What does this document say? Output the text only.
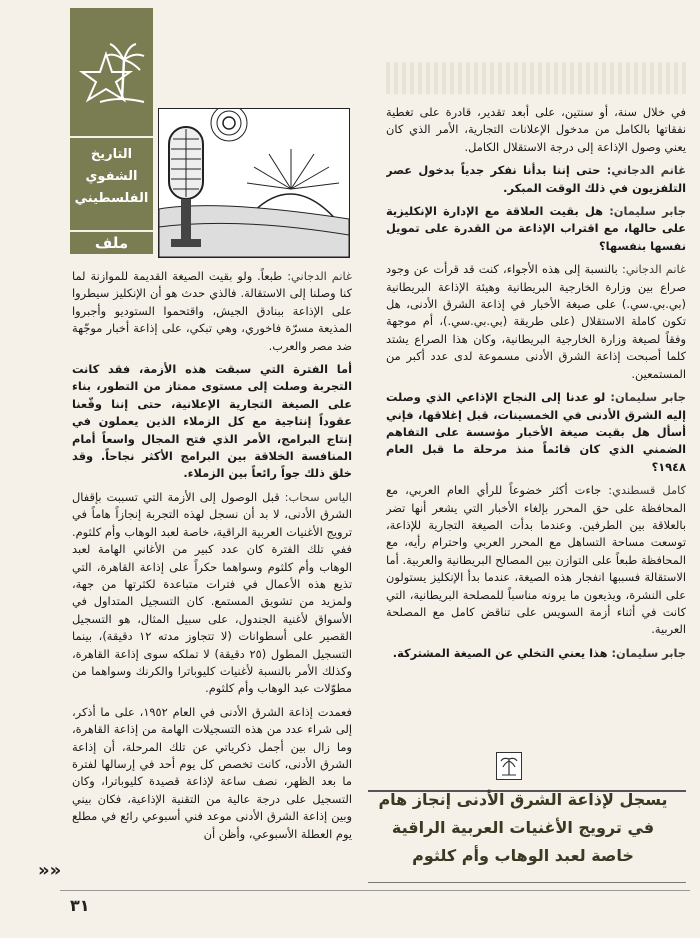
التاريخ
الشفوي
الفلسطيني
ملف

في خلال سنة، أو سنتين، على أبعد تقدير، قادرة على تغطية نفقاتها بالكامل من مدخول الإعلانات التجارية، الأمر الذي كان يعني وصول الإذاعة إلى درجة الاستقلال الكامل.

غانم الدجاني: حتى إننا بدأنا نفكر جدياً بدخول عصر التلفزيون في ذلك الوقت المبكر.

جابر سليمان: هل بقيت العلاقة مع الإدارة الإنكليزية على حالها، مع اقتراب الإذاعة من القدرة على تمويل نفسها بنفسها؟

غانم الدجاني: بالنسبة إلى هذه الأجواء، كنت قد قرأت عن وجود صراع بين وزارة الخارجية البريطانية وهيئة الإذاعة البريطانية (بي.بي.سي.) على صيغة الأخبار في إذاعة الشرق الأدنى، هل تكون كاملة الاستقلال (على طريقة (بي.بي.سي.)، أم موجهة وفقاً لصيغة وزارة الخارجية البريطانية، وكان هذا الصراع يشتد كلما أصبحت إذاعة الشرق الأدنى مسموعة لدى عدد أكبر من المستمعين.

جابر سليمان: لو عدنا إلى النجاح الإذاعي الذي وصلت إليه الشرق الأدنى في الخمسينات، قبل إغلاقها، فإني أسأل هل بقيت صيغة الأخبار مؤسسة على التفاهم الضمني الذي كان قائماً منذ مرحلة ما قبل العام ١٩٤٨؟

كامل قسطندي: جاءت أكثر خضوعاً للرأي العام العربي، مع المحافظة على حق المحرر بإلغاء الأخبار التي يشعر أنها تضر بالعلاقة بين الطرفين. وعندما بدأت الصيغة التجارية للإذاعة، توسعت مساحة التساهل مع المحرر العربي واحترام رأيه، مع المحافظة طبعاً على التوازن بين المصالح البريطانية والعربية. أما الاستقالة فسببها انفجار هذه الصيغة، عندما بدأ الإنكليز يستولون على النشرة، ويذيعون ما يرونه مناسباً للمصلحة البريطانية، التي كانت في أثناء أزمة السويس على تناقض كامل مع المصلحة العربية.

جابر سليمان: هذا يعني التخلي عن الصيغة المشتركة.

غانم الدجاني: طبعاً. ولو بقيت الصيغة القديمة للموازنة لما كنا وصلنا إلى الاستقالة. فالذي حدث هو أن الإنكليز سيطروا على الإذاعة ببنادق الجيش، واقتحموا الستوديو وأجبروا المذيعة مسرّة فاخوري، وهي تبكي، على إذاعة أخبار موجّهة ضد مصر والعرب.

أما الفترة التي سبقت هذه الأزمة، فقد كانت التجربة وصلت إلى مستوى ممتاز من التطور، بناء على الصيغة التجارية الإعلانية، حتى إننا وقّعنا عقوداً إنتاجية مع كل الزملاء الذين يعملون في إنتاج البرامج، الأمر الذي فتح المجال واسعاً أمام المنافسة الخلاقة بين البرامج الأكثر نجاحاً. وقد خلق ذلك جواً رائعاً بين الزملاء.

الياس سحاب: قبل الوصول إلى الأزمة التي تسببت بإقفال الشرق الأدنى، لا بد أن نسجل لهذه التجربة إنجازاً هاماً في ترويج الأغنيات العربية الراقية، خاصة لعبد الوهاب وأم كلثوم. ففي تلك الفترة كان عدد كبير من الأغاني الهامة لعبد الوهاب وأم كلثوم وسواهما حكراً على إذاعة القاهرة، التي تذيع هذه الأعمال في فترات متباعدة لكثرتها من جهة، ولمزيد من تشويق المستمع. كان التسجيل المتداول في الأسواق لأغنية الجندول، على سبيل المثال، هو التسجيل القصير على أسطوانات (لا تتجاوز مدته ١٢ دقيقة)، بينما التسجيل المطول (٢٥ دقيقة) لا تملكه سوى إذاعة القاهرة، وكذلك الأمر بالنسبة لأغنيات كليوباترا والكرنك وسواهما من مطوّلات عبد الوهاب وأم كلثوم.

فعمدت إذاعة الشرق الأدنى في العام ١٩٥٢، على ما أذكر، إلى شراء عدد من هذه التسجيلات الهامة من إذاعة القاهرة، وما زال بين أجمل ذكرياتي عن تلك المرحلة، أن إذاعة الشرق الأدنى، كانت تخصص كل يوم أحد في إرسالها لفترة ما بعد الظهر، نصف ساعة لإذاعة قصيدة كليوباترا، وكان التسجيل على درجة عالية من التقنية الإذاعية، فكان بيني وبين إذاعة الشرق الأدنى موعد فني أسبوعي رائع في مطلع يوم العطلة الأسبوعي، وأظن أن

يسجل لإذاعة الشرق الأدنى إنجاز هام
في ترويج الأغنيات العربية الراقية
خاصة لعبد الوهاب وأم كلثوم
»»
٣١
